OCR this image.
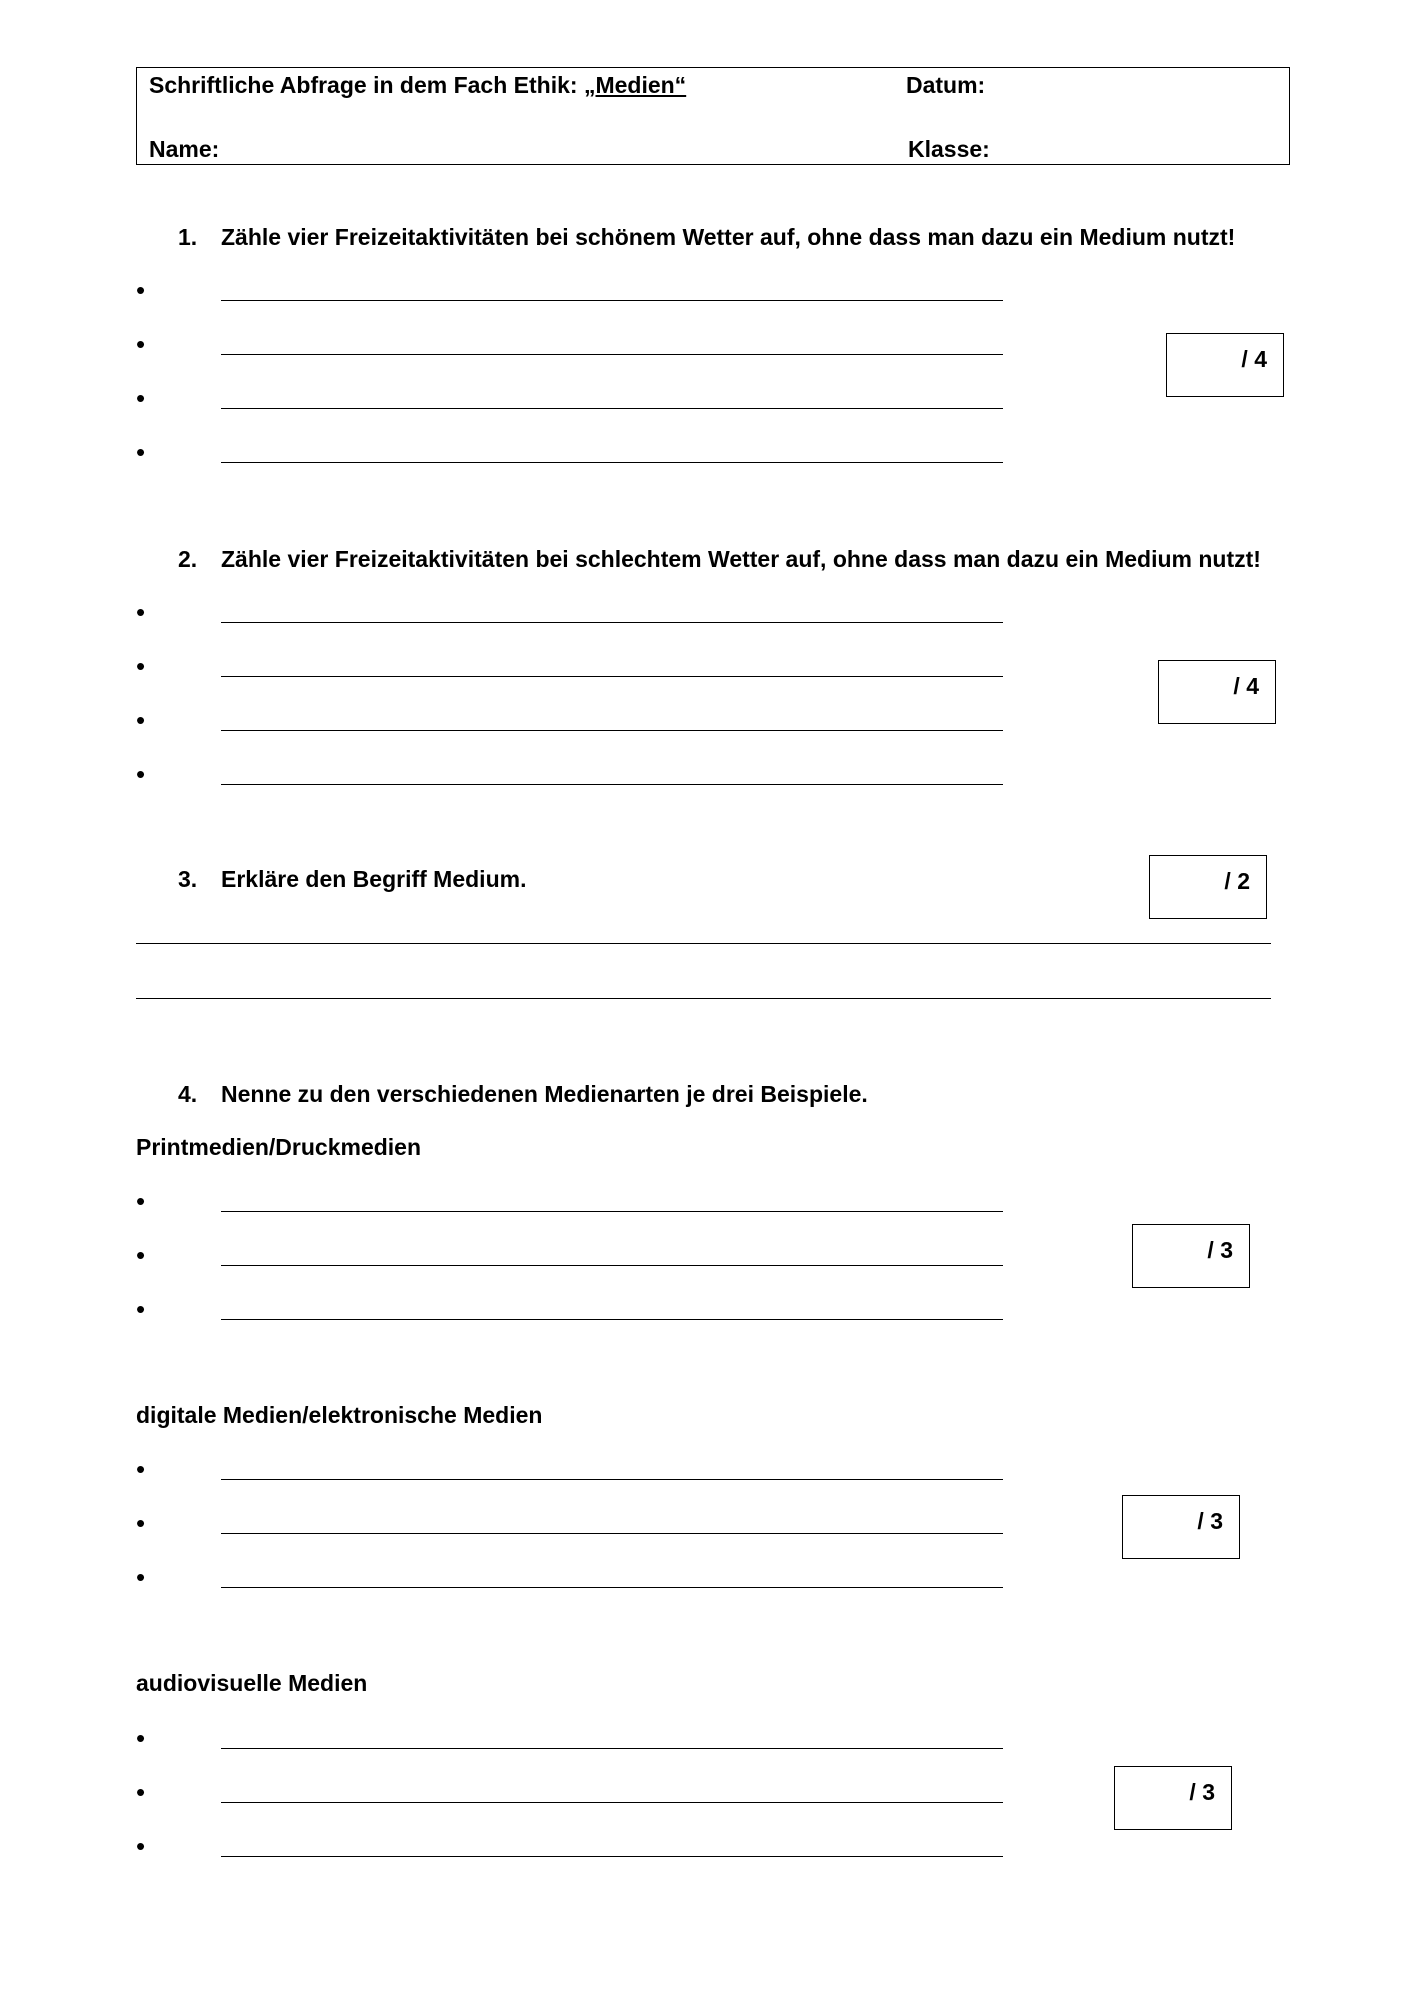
Schriftliche Abfrage in dem Fach Ethik: „Medien“	Datum:
Name:	Klasse:
1. Zähle vier Freizeitaktivitäten bei schönem Wetter auf, ohne dass man dazu ein Medium nutzt!
•
•
•
•
/ 4
2. Zähle vier Freizeitaktivitäten bei schlechtem Wetter auf, ohne dass man dazu ein Medium nutzt!
•
•
•
•
/ 4
3. Erkläre den Begriff Medium.	/ 2
4. Nenne zu den verschiedenen Medienarten je drei Beispiele.
Printmedien/Druckmedien
•
•
•
/ 3
digitale Medien/elektronische Medien
•
•
•
/ 3
audiovisuelle Medien
•
•
•
/ 3
